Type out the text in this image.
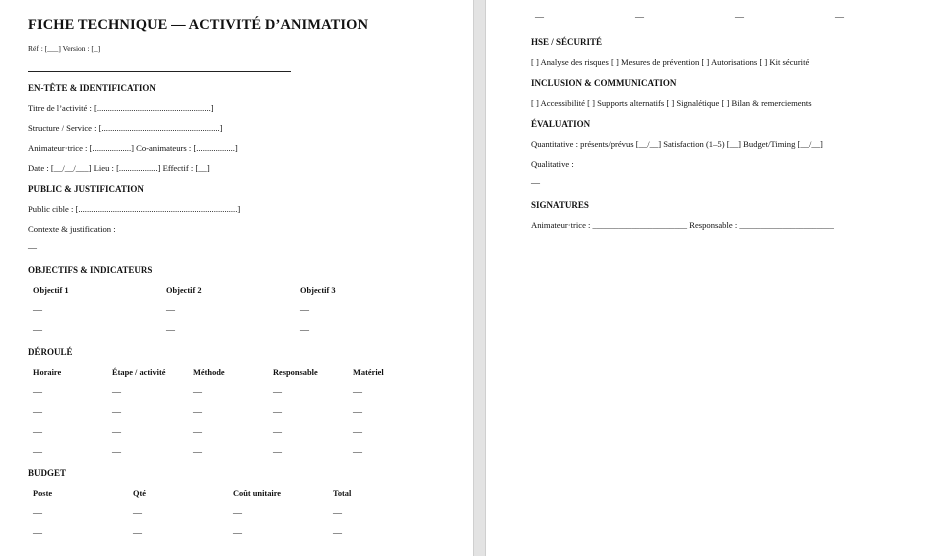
FICHE TECHNIQUE — ACTIVITÉ D’ANIMATION
Réf : [___] Version : [_]
EN-TÊTE & IDENTIFICATION
Titre de l’activité : [.....................................................]
Structure / Service : [.......................................................]
Animateur·trice : [..................] Co-animateurs : [..................]
Date : [__/__/___] Lieu : [..................] Effectif : [__]
PUBLIC & JUSTIFICATION
Public cible : [..........................................................................]
Contexte & justification :
—
OBJECTIFS & INDICATEURS
Objectif 1	Objectif 2	Objectif 3
—	—	—
—	—	—
DÉROULÉ
Horaire	Étape / activité	Méthode	Responsable	Matériel
—	—	—	—	—
—	—	—	—	—
—	—	—	—	—
—	—	—	—	—
BUDGET
Poste	Qté	Coût unitaire	Total
—	—	—	—
—	—	—	—
—	—	—	—
HSE / SÉCURITÉ
[ ] Analyse des risques [ ] Mesures de prévention [ ] Autorisations [ ] Kit sécurité
INCLUSION & COMMUNICATION
[ ] Accessibilité [ ] Supports alternatifs [ ] Signalétique [ ] Bilan & remerciements
ÉVALUATION
Quantitative : présents/prévus [__/__] Satisfaction (1–5) [__] Budget/Timing [__/__]
Qualitative :
—
SIGNATURES
Animateur·trice : ______________________ Responsable : ______________________
